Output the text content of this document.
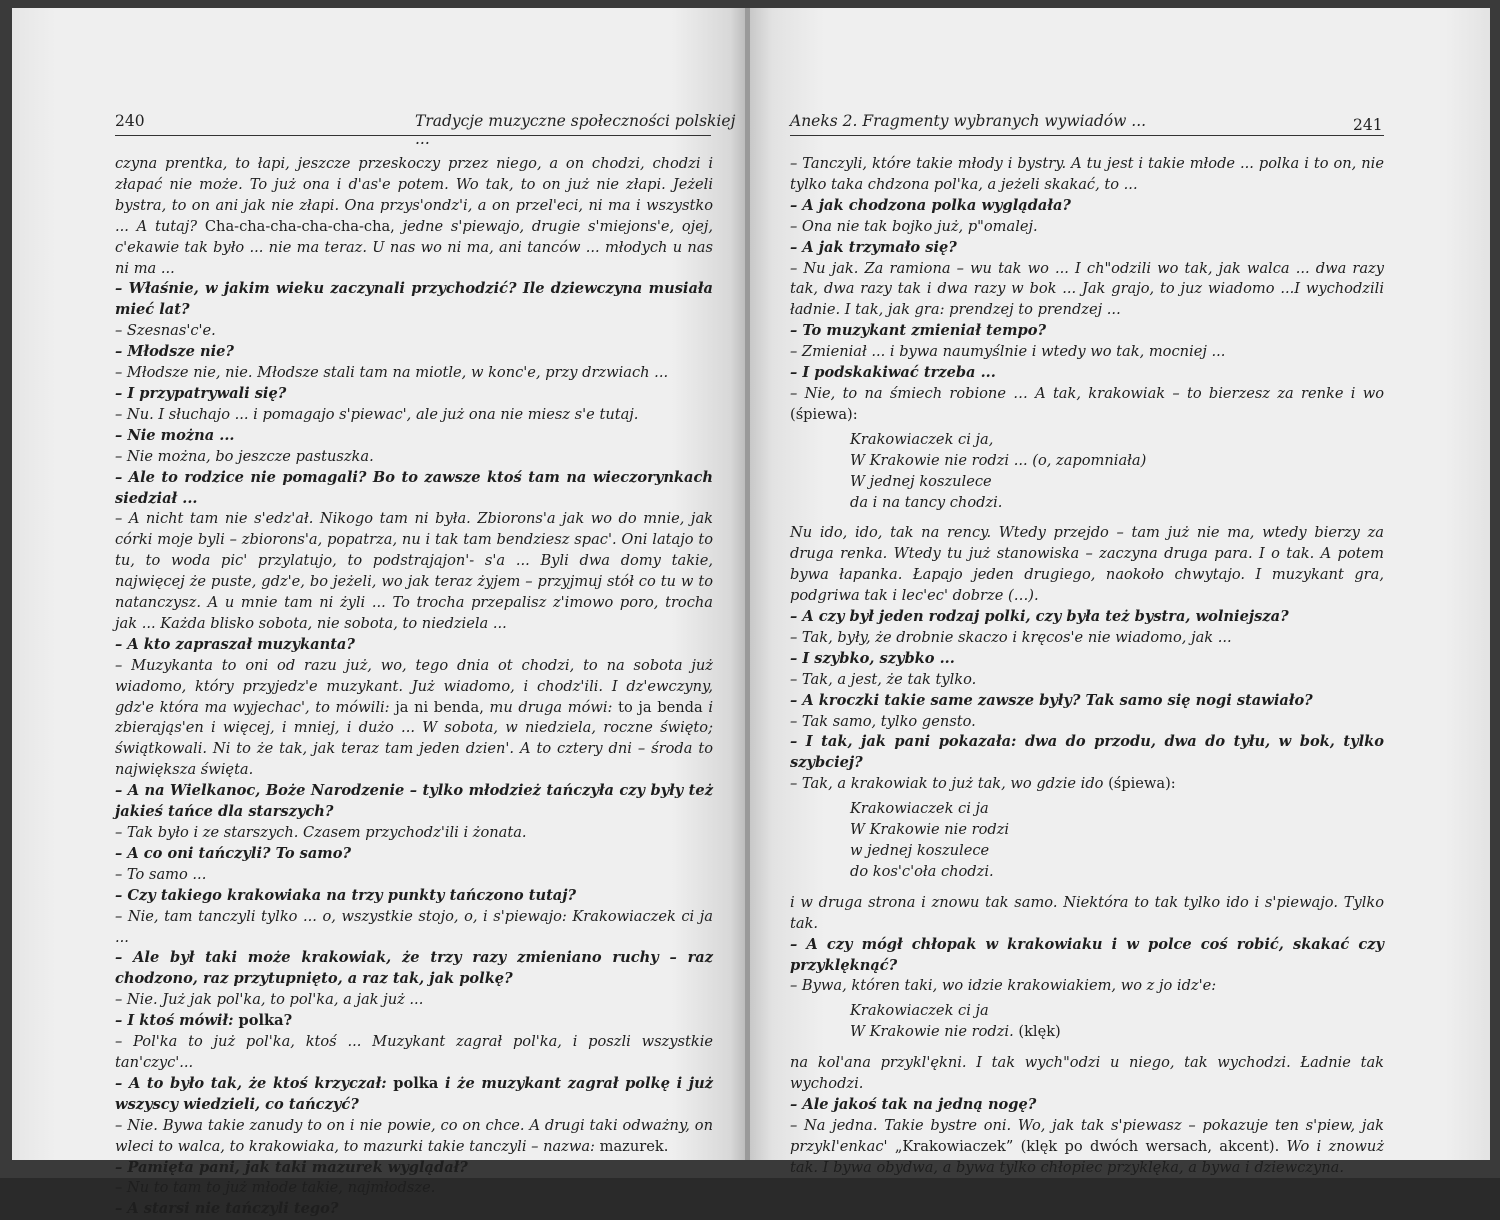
240	Tradycje muzyczne społeczności polskiej ...

czyna prentka, to łapi, jeszcze przeskoczy przez niego, a on chodzi, chodzi i złapać nie może. To już ona i d'as'e potem. Wo tak, to on już nie złapi. Jeżeli bystra, to on ani jak nie złapi. Ona przys'ondz'i, a on przel'eci, ni ma i wszystko ... A tutaj? Cha-cha-cha-cha-cha-cha, jedne s'piewajo, drugie s'miejons'e, ojej, c'ekawie tak było ... nie ma teraz. U nas wo ni ma, ani tanców ... młodych u nas ni ma ...

– Właśnie, w jakim wieku zaczynali przychodzić? Ile dziewczyna musiała mieć lat?

– Szesnas'c'e.

– Młodsze nie?

– Młodsze nie, nie. Młodsze stali tam na miotle, w konc'e, przy drzwiach ...

– I przypatrywali się?

– Nu. I słuchajo ... i pomagajo s'piewac', ale już ona nie miesz s'e tutaj.

– Nie można ...

– Nie można, bo jeszcze pastuszka.

– Ale to rodzice nie pomagali? Bo to zawsze ktoś tam na wieczorynkach siedział ...

– A nicht tam nie s'edz'ał. Nikogo tam ni była. Zbiorons'a jak wo do mnie, jak córki moje byli – zbiorons'a, popatrza, nu i tak tam bendziesz spac'. Oni latajo to tu, to woda pic' przylatujo, to podstrajajon'- s'a ... Byli dwa domy takie, najwięcej że puste, gdz'e, bo jeżeli, wo jak teraz żyjem – przyjmuj stół co tu w to natanczysz. A u mnie tam ni żyli ... To trocha przepalisz z'imowo poro, trocha jak ... Każda blisko sobota, nie sobota, to niedziela ...

– A kto zapraszał muzykanta?

– Muzykanta to oni od razu już, wo, tego dnia ot chodzi, to na sobota już wiadomo, który przyjedz'e muzykant. Już wiadomo, i chodz'ili. I dz'ewczyny, gdz'e która ma wyjechac', to mówili: ja ni benda, mu druga mówi: to ja benda i zbierająs'en i więcej, i mniej, i dużo ... W sobota, w niedziela, roczne święto; świątkowali. Ni to że tak, jak teraz tam jeden dzien'. A to cztery dni – środa to największa święta.

– A na Wielkanoc, Boże Narodzenie – tylko młodzież tańczyła czy były też jakieś tańce dla starszych?

– Tak było i ze starszych. Czasem przychodz'ili i żonata.

– A co oni tańczyli? To samo?

– To samo ...

– Czy takiego krakowiaka na trzy punkty tańczono tutaj?

– Nie, tam tanczyli tylko ... o, wszystkie stojo, o, i s'piewajo: Krakowiaczek ci ja ...

– Ale był taki może krakowiak, że trzy razy zmieniano ruchy – raz chodzono, raz przytupnięto, a raz tak, jak polkę?

– Nie. Już jak pol'ka, to pol'ka, a jak już ...

– I ktoś mówił: polka?

– Pol'ka to już pol'ka, ktoś ... Muzykant zagrał pol'ka, i poszli wszystkie tan'czyc'...

– A to było tak, że ktoś krzyczał: polka i że muzykant zagrał polkę i już wszyscy wiedzieli, co tańczyć?

– Nie. Bywa takie zanudy to on i nie powie, co on chce. A drugi taki odważny, on wleci to walca, to krakowiaka, to mazurki takie tanczyli – nazwa: mazurek.

– Pamięta pani, jak taki mazurek wyglądał?

– Nu to tam to już młode takie, najmłodsze.

– A starsi nie tańczyli tego?

Aneks 2. Fragmenty wybranych wywiadów ...	241

– Tanczyli, które takie młody i bystry. A tu jest i takie młode ... polka i to on, nie tylko taka chdzona pol'ka, a jeżeli skakać, to ...

– A jak chodzona polka wyglądała?

– Ona nie tak bojko już, p"omalej.

– A jak trzymało się?

– Nu jak. Za ramiona – wu tak wo ... I ch"odzili wo tak, jak walca ... dwa razy tak, dwa razy tak i dwa razy w bok ... Jak grajo, to juz wiadomo ...I wychodzili ładnie. I tak, jak gra: prendzej to prendzej ...

– To muzykant zmieniał tempo?

– Zmieniał ... i bywa naumyślnie i wtedy wo tak, mocniej ...

– I podskakiwać trzeba ...

– Nie, to na śmiech robione … A tak, krakowiak – to bierzesz za renke i wo (śpiewa):

Krakowiaczek ci ja,

W Krakowie nie rodzi ... (o, zapomniała)

W jednej koszulece

da i na tancy chodzi.

Nu ido, ido, tak na rency. Wtedy przejdo – tam już nie ma, wtedy bierzy za druga renka. Wtedy tu już stanowiska – zaczyna druga para. I o tak. A potem bywa łapanka. Łapajo jeden drugiego, naokoło chwytajo. I muzykant gra, podgriwa tak i lec'ec' dobrze (…).

– A czy był jeden rodzaj polki, czy była też bystra, wolniejsza?

– Tak, były, że drobnie skaczo i kręcos'e nie wiadomo, jak ...

– I szybko, szybko ...

– Tak, a jest, że tak tylko.

– A kroczki takie same zawsze były? Tak samo się nogi stawiało?

– Tak samo, tylko gensto.

– I tak, jak pani pokazała: dwa do przodu, dwa do tyłu, w bok, tylko szybciej?

– Tak, a krakowiak to już tak, wo gdzie ido (śpiewa):

Krakowiaczek ci ja

W Krakowie nie rodzi

w jednej koszulece

do kos'c'oła chodzi.

i w druga strona i znowu tak samo. Niektóra to tak tylko ido i s'piewajo. Tylko tak.

– A czy mógł chłopak w krakowiaku i w polce coś robić, skakać czy przyklęknąć?

– Bywa, któren taki, wo idzie krakowiakiem, wo z jo idz'e:

Krakowiaczek ci ja

W Krakowie nie rodzi. (klęk)

na kol'ana przykl'ękni. I tak wych"odzi u niego, tak wychodzi. Ładnie tak wychodzi.

– Ale jakoś tak na jedną nogę?

– Na jedna. Takie bystre oni. Wo, jak tak s'piewasz – pokazuje ten s'piew, jak przykl'enkac' „Krakowiaczek” (klęk po dwóch wersach, akcent). Wo i znowuż tak. I bywa obydwa, a bywa tylko chłopiec przyklęka, a bywa i dziewczyna.
